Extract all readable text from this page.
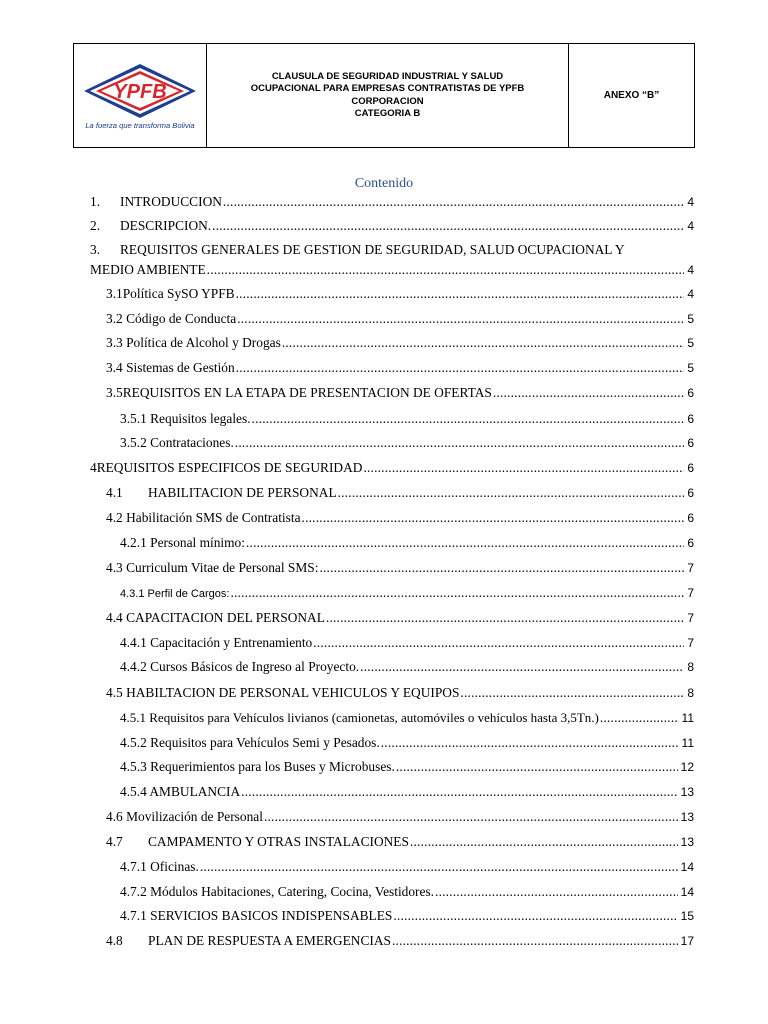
YPFB
La fuerza que transforma Bolivia
CLAUSULA DE SEGURIDAD INDUSTRIAL Y SALUD
OCUPACIONAL PARA EMPRESAS CONTRATISTAS DE YPFB
CORPORACION
CATEGORIA B
ANEXO “B”
Contenido
1.	INTRODUCCION .....	4
2.	DESCRIPCION. .....	4
3. REQUISITOS GENERALES DE GESTION DE SEGURIDAD, SALUD OCUPACIONAL Y
MEDIO AMBIENTE .....	4
3.1Política SySO YPFB .....	4
3.2 Código de Conducta .....	5
3.3 Política de Alcohol y Drogas .....	5
3.4 Sistemas de Gestión .....	5
3.5REQUISITOS EN LA ETAPA DE PRESENTACION DE OFERTAS .....	6
3.5.1 Requisitos legales. .....	6
3.5.2 Contrataciones. .....	6
4REQUISITOS ESPECIFICOS DE SEGURIDAD .....	6
4.1	HABILITACION DE PERSONAL .....	6
4.2 Habilitación SMS de Contratista .....	6
4.2.1 Personal mínimo: .....	6
4.3 Curriculum Vitae de Personal SMS: .....	7
4.3.1 Perfil de Cargos: .....	7
4.4 CAPACITACION DEL PERSONAL .....	7
4.4.1 Capacitación y Entrenamiento .....	7
4.4.2 Cursos Básicos de Ingreso al Proyecto. .....	8
4.5 HABILTACION DE PERSONAL VEHICULOS Y EQUIPOS .....	8
4.5.1 Requisitos para Vehículos livianos (camionetas, automóviles o vehículos hasta 3,5Tn.) .....	11
4.5.2 Requisitos para Vehículos Semi y Pesados. .....	11
4.5.3 Requerimientos para los Buses y Microbuses. .....	12
4.5.4 AMBULANCIA .....	13
4.6 Movilización de Personal .....	13
4.7	CAMPAMENTO Y OTRAS INSTALACIONES .....	13
4.7.1 Oficinas. .....	14
4.7.2 Módulos Habitaciones, Catering, Cocina, Vestidores. .....	14
4.7.1 SERVICIOS BASICOS INDISPENSABLES .....	15
4.8	PLAN DE RESPUESTA A EMERGENCIAS .....	17
